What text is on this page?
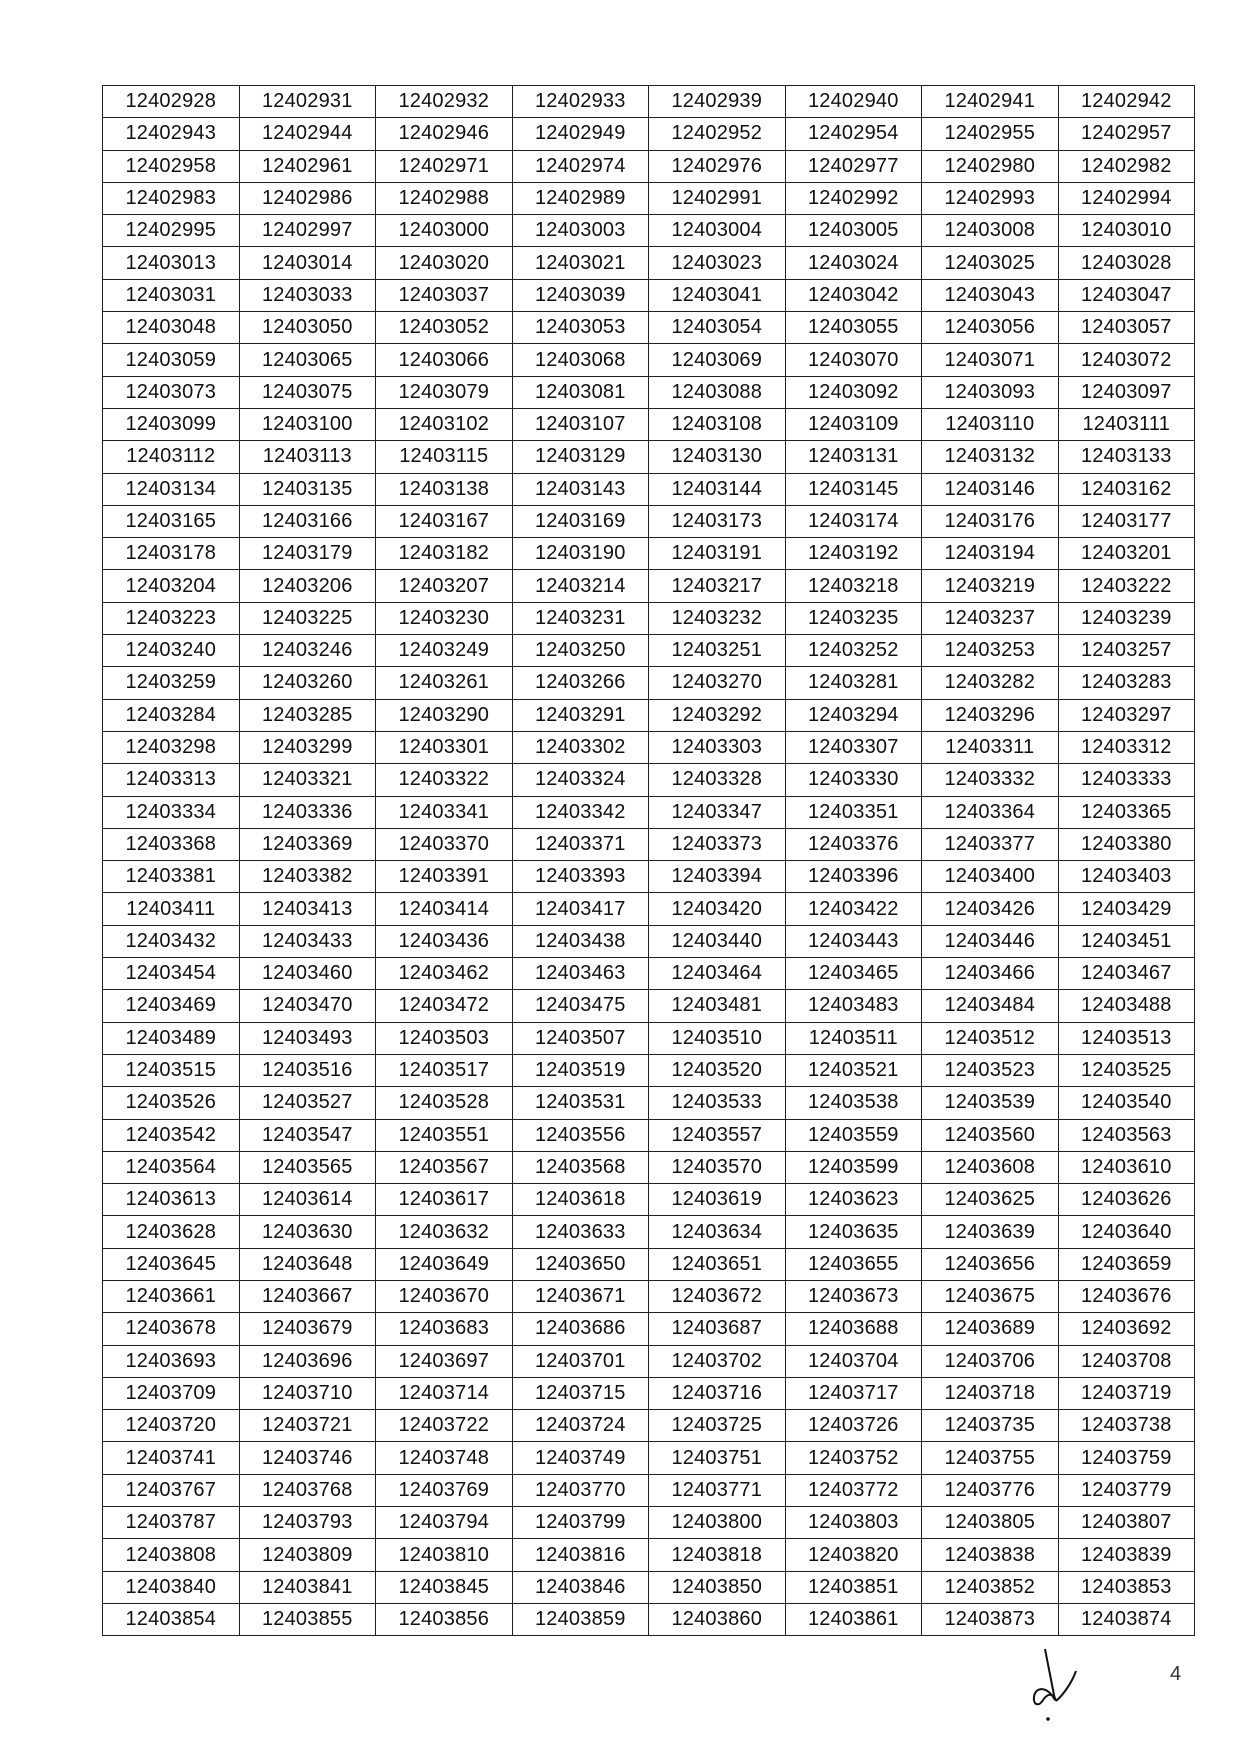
12402928	12402931	12402932	12402933	12402939	12402940	12402941	12402942
12402943	12402944	12402946	12402949	12402952	12402954	12402955	12402957
12402958	12402961	12402971	12402974	12402976	12402977	12402980	12402982
12402983	12402986	12402988	12402989	12402991	12402992	12402993	12402994
12402995	12402997	12403000	12403003	12403004	12403005	12403008	12403010
12403013	12403014	12403020	12403021	12403023	12403024	12403025	12403028
12403031	12403033	12403037	12403039	12403041	12403042	12403043	12403047
12403048	12403050	12403052	12403053	12403054	12403055	12403056	12403057
12403059	12403065	12403066	12403068	12403069	12403070	12403071	12403072
12403073	12403075	12403079	12403081	12403088	12403092	12403093	12403097
12403099	12403100	12403102	12403107	12403108	12403109	12403110	12403111
12403112	12403113	12403115	12403129	12403130	12403131	12403132	12403133
12403134	12403135	12403138	12403143	12403144	12403145	12403146	12403162
12403165	12403166	12403167	12403169	12403173	12403174	12403176	12403177
12403178	12403179	12403182	12403190	12403191	12403192	12403194	12403201
12403204	12403206	12403207	12403214	12403217	12403218	12403219	12403222
12403223	12403225	12403230	12403231	12403232	12403235	12403237	12403239
12403240	12403246	12403249	12403250	12403251	12403252	12403253	12403257
12403259	12403260	12403261	12403266	12403270	12403281	12403282	12403283
12403284	12403285	12403290	12403291	12403292	12403294	12403296	12403297
12403298	12403299	12403301	12403302	12403303	12403307	12403311	12403312
12403313	12403321	12403322	12403324	12403328	12403330	12403332	12403333
12403334	12403336	12403341	12403342	12403347	12403351	12403364	12403365
12403368	12403369	12403370	12403371	12403373	12403376	12403377	12403380
12403381	12403382	12403391	12403393	12403394	12403396	12403400	12403403
12403411	12403413	12403414	12403417	12403420	12403422	12403426	12403429
12403432	12403433	12403436	12403438	12403440	12403443	12403446	12403451
12403454	12403460	12403462	12403463	12403464	12403465	12403466	12403467
12403469	12403470	12403472	12403475	12403481	12403483	12403484	12403488
12403489	12403493	12403503	12403507	12403510	12403511	12403512	12403513
12403515	12403516	12403517	12403519	12403520	12403521	12403523	12403525
12403526	12403527	12403528	12403531	12403533	12403538	12403539	12403540
12403542	12403547	12403551	12403556	12403557	12403559	12403560	12403563
12403564	12403565	12403567	12403568	12403570	12403599	12403608	12403610
12403613	12403614	12403617	12403618	12403619	12403623	12403625	12403626
12403628	12403630	12403632	12403633	12403634	12403635	12403639	12403640
12403645	12403648	12403649	12403650	12403651	12403655	12403656	12403659
12403661	12403667	12403670	12403671	12403672	12403673	12403675	12403676
12403678	12403679	12403683	12403686	12403687	12403688	12403689	12403692
12403693	12403696	12403697	12403701	12403702	12403704	12403706	12403708
12403709	12403710	12403714	12403715	12403716	12403717	12403718	12403719
12403720	12403721	12403722	12403724	12403725	12403726	12403735	12403738
12403741	12403746	12403748	12403749	12403751	12403752	12403755	12403759
12403767	12403768	12403769	12403770	12403771	12403772	12403776	12403779
12403787	12403793	12403794	12403799	12403800	12403803	12403805	12403807
12403808	12403809	12403810	12403816	12403818	12403820	12403838	12403839
12403840	12403841	12403845	12403846	12403850	12403851	12403852	12403853
12403854	12403855	12403856	12403859	12403860	12403861	12403873	12403874
4
